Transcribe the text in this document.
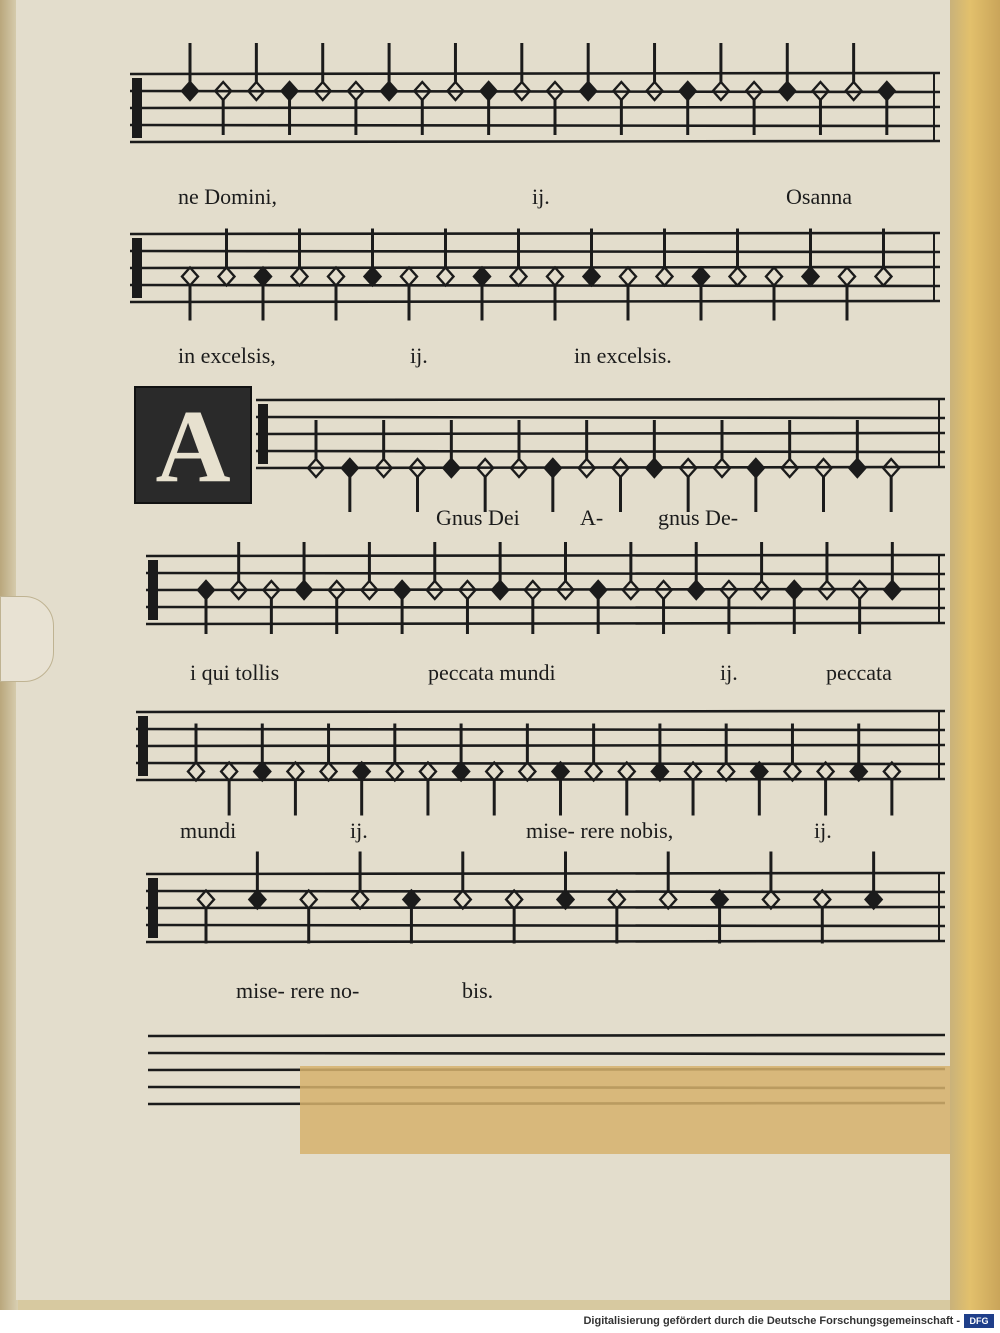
A
ne Domini,	ij.	Osanna
in excelsis,	ij.	in excelsis.
Gnus Dei	A- gnus De-
i qui tollis	peccata mundi	ij.	peccata
mundi	ij.	mise- rere nobis,	ij.
mise- rere no-	bis.
Digitalisierung gefördert durch die Deutsche Forschungsgemeinschaft -	DFG
